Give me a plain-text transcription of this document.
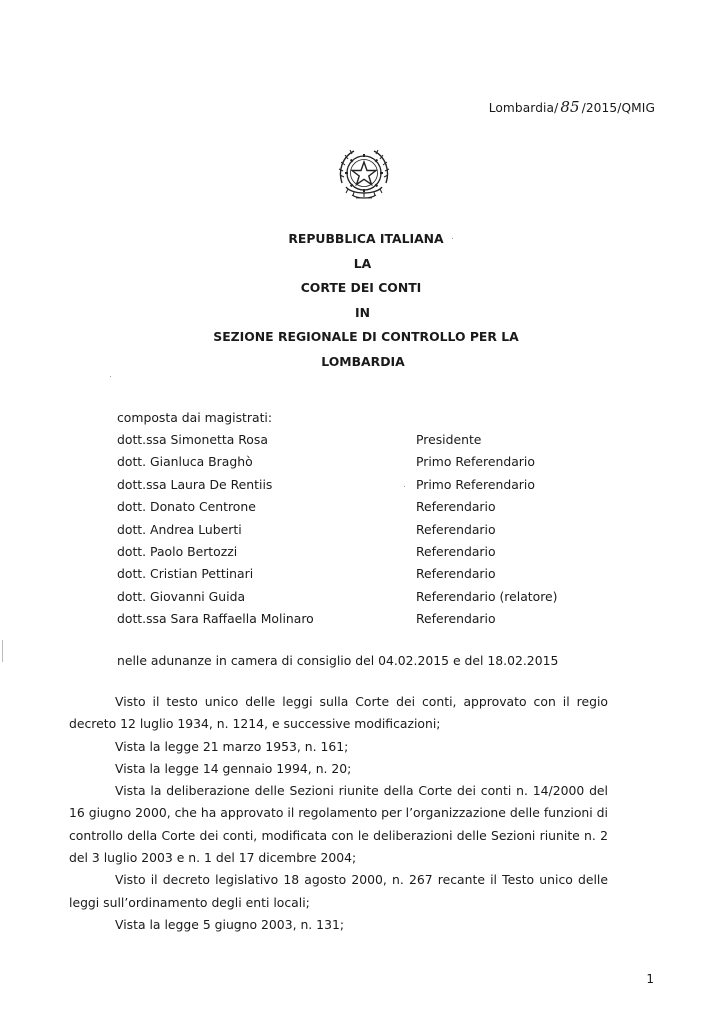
Lombardia/ 85 /2015/QMIG
REPUBBLICA ITALIANA
LA
CORTE DEI CONTI
IN
SEZIONE REGIONALE DI CONTROLLO PER LA
LOMBARDIA
composta dai magistrati:
dott.ssa Simonetta Rosa	Presidente
dott. Gianluca Braghò	Primo Referendario
dott.ssa Laura De Rentiis	Primo Referendario
dott. Donato Centrone	Referendario
dott. Andrea Luberti	Referendario
dott. Paolo Bertozzi	Referendario
dott. Cristian Pettinari	Referendario
dott. Giovanni Guida	Referendario (relatore)
dott.ssa Sara Raffaella Molinaro	Referendario
nelle adunanze in camera di consiglio del 04.02.2015 e del 18.02.2015

Visto il testo unico delle leggi sulla Corte dei conti, approvato con il regio decreto 12 luglio 1934, n. 1214, e successive modificazioni;

Vista la legge 21 marzo 1953, n. 161;

Vista la legge 14 gennaio 1994, n. 20;

Vista la deliberazione delle Sezioni riunite della Corte dei conti n. 14/2000 del 16 giugno 2000, che ha approvato il regolamento per l’organizzazione delle funzioni di controllo della Corte dei conti, modificata con le deliberazioni delle Sezioni riunite n. 2 del 3 luglio 2003 e n. 1 del 17 dicembre 2004;

Visto il decreto legislativo 18 agosto 2000, n. 267 recante il Testo unico delle leggi sull’ordinamento degli enti locali;

Vista la legge 5 giugno 2003, n. 131;

1
